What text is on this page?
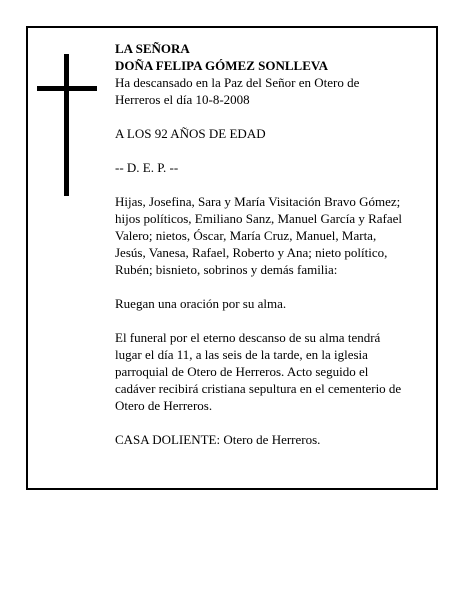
LA SEÑORA

DOÑA FELIPA GÓMEZ SONLLEVA

Ha descansado en la Paz del Señor en Otero de

Herreros el día 10-8-2008

A LOS 92 AÑOS DE EDAD

-- D. E. P. --

Hijas, Josefina, Sara y María Visitación Bravo Gómez;

hijos políticos, Emiliano Sanz, Manuel García y Rafael

Valero; nietos, Óscar, María Cruz, Manuel, Marta,

Jesús, Vanesa, Rafael, Roberto y Ana; nieto político,

Rubén; bisnieto, sobrinos y demás familia:

Ruegan una oración por su alma.

El funeral por el eterno descanso de su alma tendrá

lugar el día 11, a las seis de la tarde, en la iglesia

parroquial de Otero de Herreros. Acto seguido el

cadáver recibirá cristiana sepultura en el cementerio de

Otero de Herreros.

CASA DOLIENTE: Otero de Herreros.
